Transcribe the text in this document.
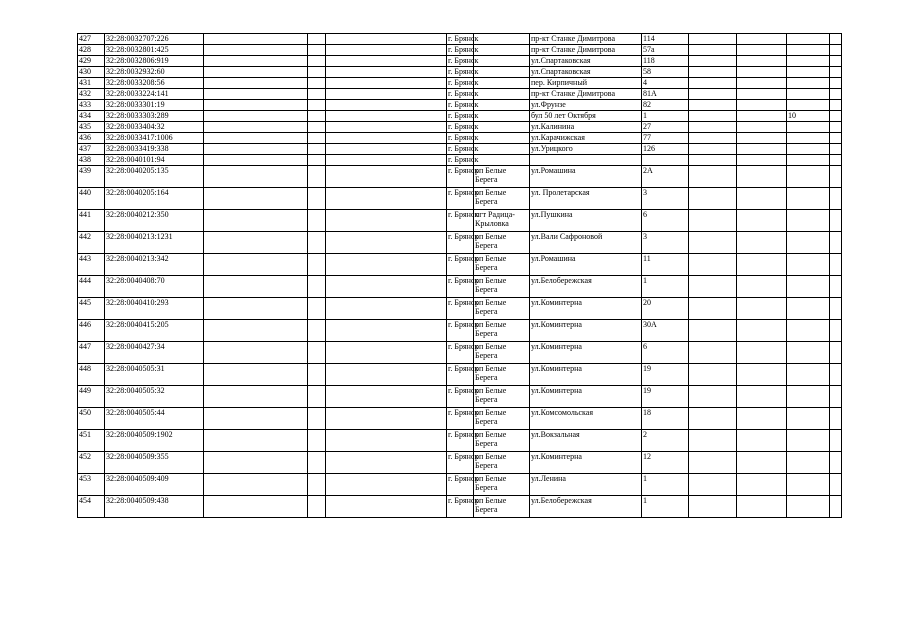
427	32:28:0032707:226				г. Брянск		пр-кт Станке Димитрова	114				
428	32:28:0032801:425				г. Брянск		пр-кт Станке Димитрова	57а				
429	32:28:0032806:919				г. Брянск		ул.Спартаковская	118				
430	32:28:0032932:60				г. Брянск		ул.Спартаковская	58				
431	32:28:0033208:56				г. Брянск		пер. Кирпичный	4				
432	32:28:0033224:141				г. Брянск		пр-кт Станке Димитрова	81А				
433	32:28:0033301:19				г. Брянск		ул.Фрунзе	82				
434	32:28:0033303:289				г. Брянск		бул 50 лет Октября	1			10	
435	32:28:0033404:32				г. Брянск		ул.Калинина	27				
436	32:28:0033417:1006				г. Брянск		ул.Карачижская	77				
437	32:28:0033419:338				г. Брянск		ул.Урицкого	126				
438	32:28:0040101:94				г. Брянск							
439	32:28:0040205:135				г. Брянск	рп Белые Берега	ул.Ромашина	2А				
440	32:28:0040205:164				г. Брянск	рп Белые Берега	ул. Пролетарская	3				
441	32:28:0040212:350				г. Брянск	пгт Радица-Крыловка	ул.Пушкина	6				
442	32:28:0040213:1231				г. Брянск	рп Белые Берега	ул.Вали Сафроновой	3				
443	32:28:0040213:342				г. Брянск	рп Белые Берега	ул.Ромашина	11				
444	32:28:0040408:70				г. Брянск	рп Белые Берега	ул.Белобережская	1				
445	32:28:0040410:293				г. Брянск	рп Белые Берега	ул.Коминтерна	20				
446	32:28:0040415:205				г. Брянск	рп Белые Берега	ул.Коминтерна	30А				
447	32:28:0040427:34				г. Брянск	рп Белые Берега	ул.Коминтерна	6				
448	32:28:0040505:31				г. Брянск	рп Белые Берега	ул.Коминтерна	19				
449	32:28:0040505:32				г. Брянск	рп Белые Берега	ул.Коминтерна	19				
450	32:28:0040505:44				г. Брянск	рп Белые Берега	ул.Комсомольская	18				
451	32:28:0040509:1902				г. Брянск	рп Белые Берега	ул.Вокзальная	2				
452	32:28:0040509:355				г. Брянск	рп Белые Берега	ул.Коминтерна	12				
453	32:28:0040509:409				г. Брянск	рп Белые Берега	ул.Ленина	1				
454	32:28:0040509:438				г. Брянск	рп Белые Берега	ул.Белобережская	1				
